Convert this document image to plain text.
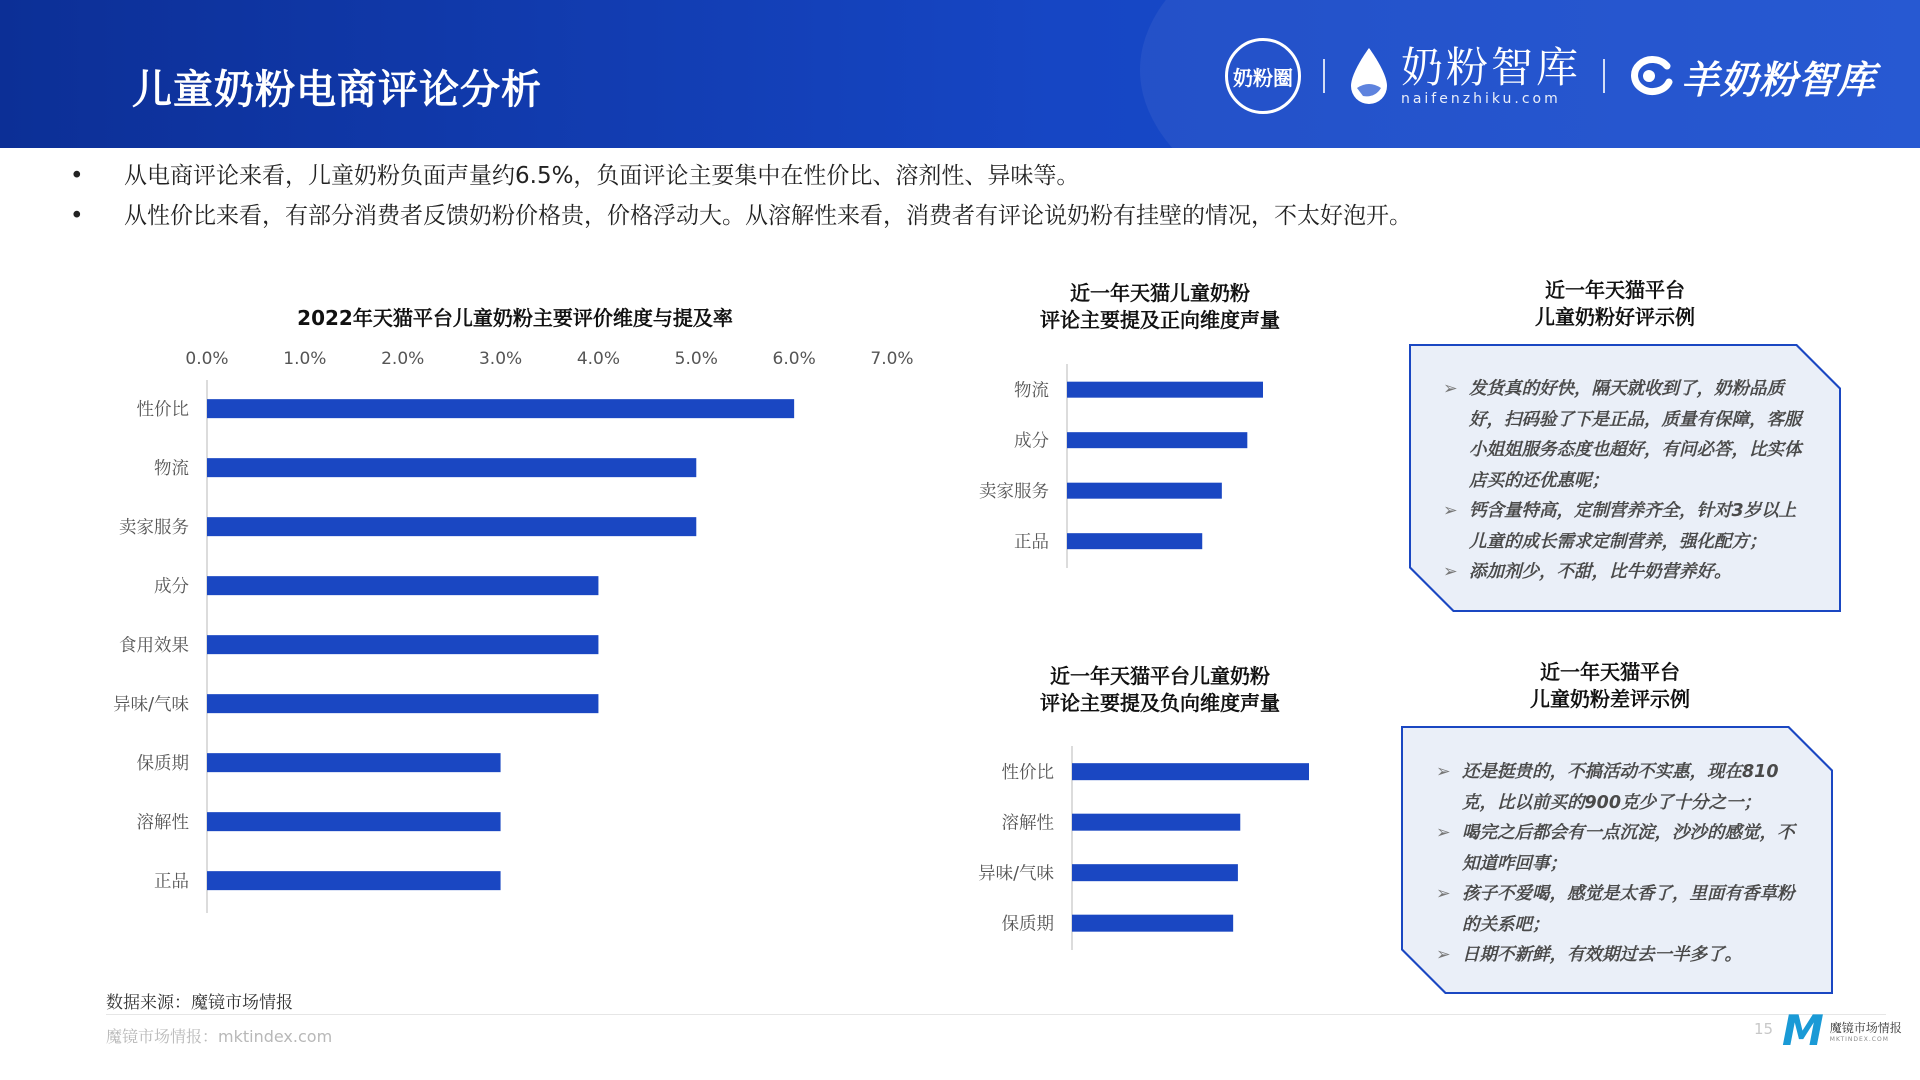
儿童奶粉电商评论分析	奶粉圈	奶粉智库
naifenzhiku.com	羊奶粉智库
•	从电商评论来看，儿童奶粉负面声量约6.5%，负面评论主要集中在性价比、溶剂性、异味等。
•	从性价比来看，有部分消费者反馈奶粉价格贵，价格浮动大。从溶解性来看，消费者有评论说奶粉有挂壁的情况，不太好泡开。
2022年天猫平台儿童奶粉主要评价维度与提及率
0.0%	1.0%	2.0%	3.0%	4.0%	5.0%	6.0%	7.0%
性价比
物流
卖家服务
成分
食用效果
异味/气味
保质期
溶解性
正品
近一年天猫儿童奶粉
评论主要提及正向维度声量
物流
成分
卖家服务
正品
近一年天猫平台儿童奶粉
评论主要提及负向维度声量
性价比
溶解性
异味/气味
保质期
近一年天猫平台
儿童奶粉好评示例
➢ 发货真的好快，隔天就收到了，奶粉品质好，扫码验了下是正品，质量有保障，客服小姐姐服务态度也超好，有问必答，比实体店买的还优惠呢；
➢ 钙含量特高，定制营养齐全，针对3岁以上儿童的成长需求定制营养，强化配方；
➢ 添加剂少，不甜，比牛奶营养好。
近一年天猫平台
儿童奶粉差评示例
➢ 还是挺贵的，不搞活动不实惠，现在810克，比以前买的900克少了十分之一；
➢ 喝完之后都会有一点沉淀，沙沙的感觉，不知道咋回事；
➢ 孩子不爱喝，感觉是太香了，里面有香草粉的关系吧；
➢ 日期不新鲜，有效期过去一半多了。
数据来源：魔镜市场情报
魔镜市场情报：mktindex.com	15 M 魔镜市场情报
MKTINDEX.COM
